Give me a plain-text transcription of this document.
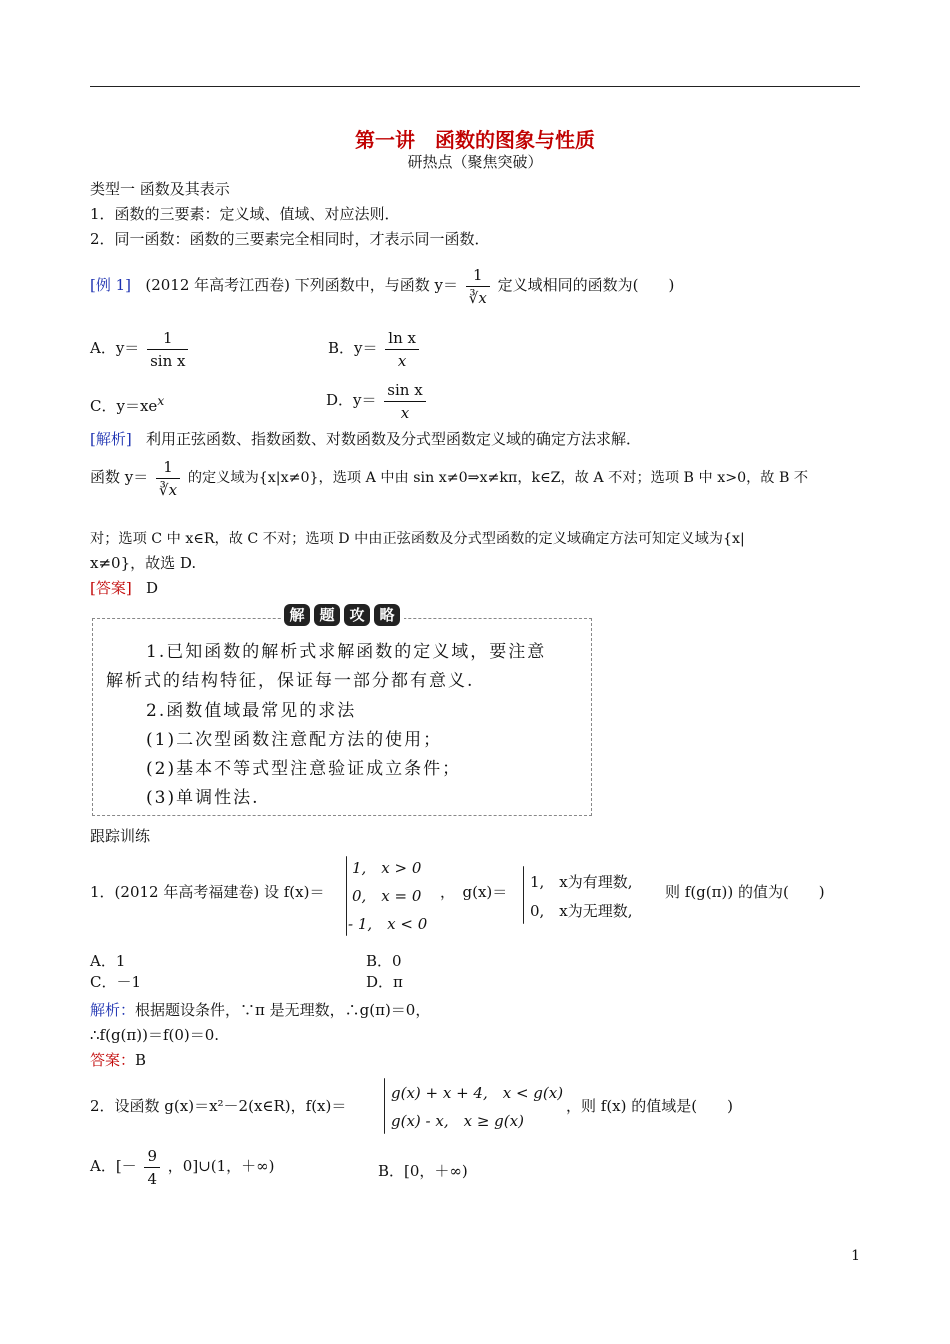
第一讲　函数的图象与性质
研热点（聚焦突破）
类型一 函数及其表示
1．函数的三要素：定义域、值域、对应法则．
2．同一函数：函数的三要素完全相同时，才表示同一函数．
[例 1] (2012 年高考江西卷) 下列函数中，与函数 $y= \frac{1}{∛x}$ 定义域相同的函数为(　　)
A．$y= \frac{1}{\text{sin x}}$	B．$y= \frac{\text{ln x}}{x}$
C．$y=xe^x$	D．$y= \frac{\text{sin x}}{x}$
[解析] 利用正弦函数、指数函数、对数函数及分式型函数定义域的确定方法求解．
函数 $y= \frac{1}{∛x}$ 的定义域为{x|x≠0}，选项 A 中由 sin x≠0⇒x≠kπ，k∈Z，故 A 不对；选项 B 中 x>0，故 B 不
对；选项 C 中 x∈R，故 C 不对；选项 D 中由正弦函数及分式型函数的定义域确定方法可知定义域为{x|
x≠0}，故选 D.
[答案] D
解 题 攻 略
1.已知函数的解析式求解函数的定义域，要注意
解析式的结构特征，保证每一部分都有意义.
2.函数值域最常见的求法
(1)二次型函数注意配方法的使用；
(2)基本不等式型注意验证成立条件；
(3)单调性法.
跟踪训练
1．(2012 年高考福建卷) 设 f(x)＝
1,　x > 0
0,　x = 0
- 1,　x < 0
，　g(x)＝
1,　x为有理数,
0,　x为无理数,
则 f(g(π)) 的值为(　　)
A．1	B．0
C．－1	D．π
解析：根据题设条件，∵π 是无理数，∴g(π)＝0，
∴f(g(π))＝f(0)＝0.
答案：B
2．设函数 g(x)＝x²－2(x∈R)，f(x)＝
g(x) + x + 4,　x < g(x)
g(x) - x,　x ≥ g(x)
，则 f(x) 的值域是(　　)
A．[－ $\frac{9}{4}$ ，0]∪(1，＋∞)	B．[0，＋∞)
1
